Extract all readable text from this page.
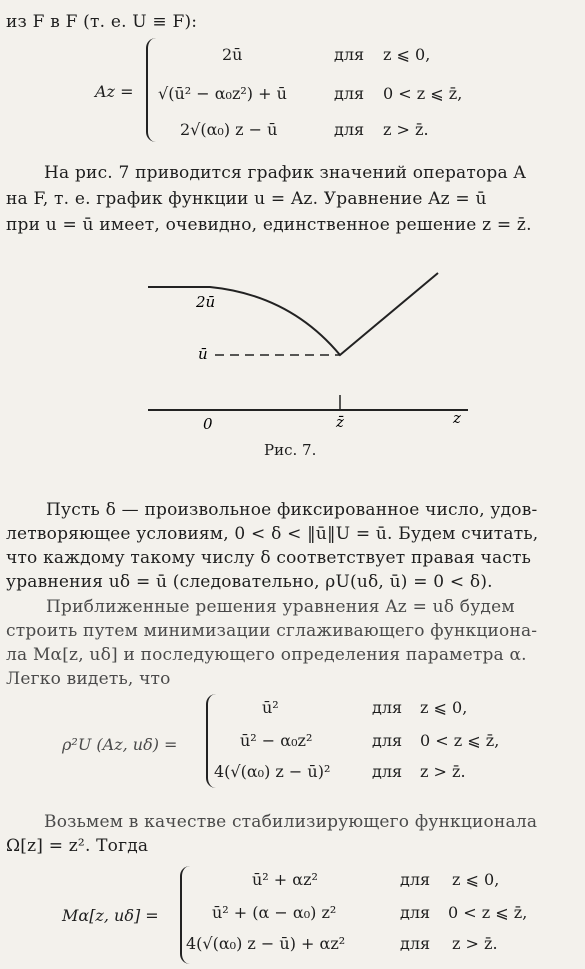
из F в F (т. е. U ≡ F):
Az =
2ū	для z ⩽ 0,
√(ū² − α₀z²) + ū	для 0 < z ⩽ z̄,
2√(α₀) z − ū	для z > z̄.
На рис. 7 приводится график значений оператора A
на F, т. е. график функции u = Az. Уравнение Az = ū
при u = ū имеет, очевидно, единственное решение z = z̄.
2ū
ū
0	z̄	z
Рис. 7.
Пусть δ — произвольное фиксированное число, удов-
летворяющее условиям, 0 < δ < ‖ū‖U = ū. Будем считать,
что каждому такому числу δ соответствует правая часть
уравнения uδ = ū (следовательно, ρU(uδ, ū) = 0 < δ).
Приближенные решения уравнения Az = uδ будем
строить путем минимизации сглаживающего функциона-
ла Mα[z, uδ] и последующего определения параметра α.
Легко видеть, что
ρ²U (Az, uδ) =
ū²	для z ⩽ 0,
ū² − α₀z²	для 0 < z ⩽ z̄,
4(√(α₀) z − ū)²	для z > z̄.
Возьмем в качестве стабилизирующего функционала
Ω[z] = z². Тогда
Mα[z, uδ] =
ū² + αz²	для z ⩽ 0,
ū² + (α − α₀) z²	для 0 < z ⩽ z̄,
4(√(α₀) z − ū) + αz²	для z > z̄.
